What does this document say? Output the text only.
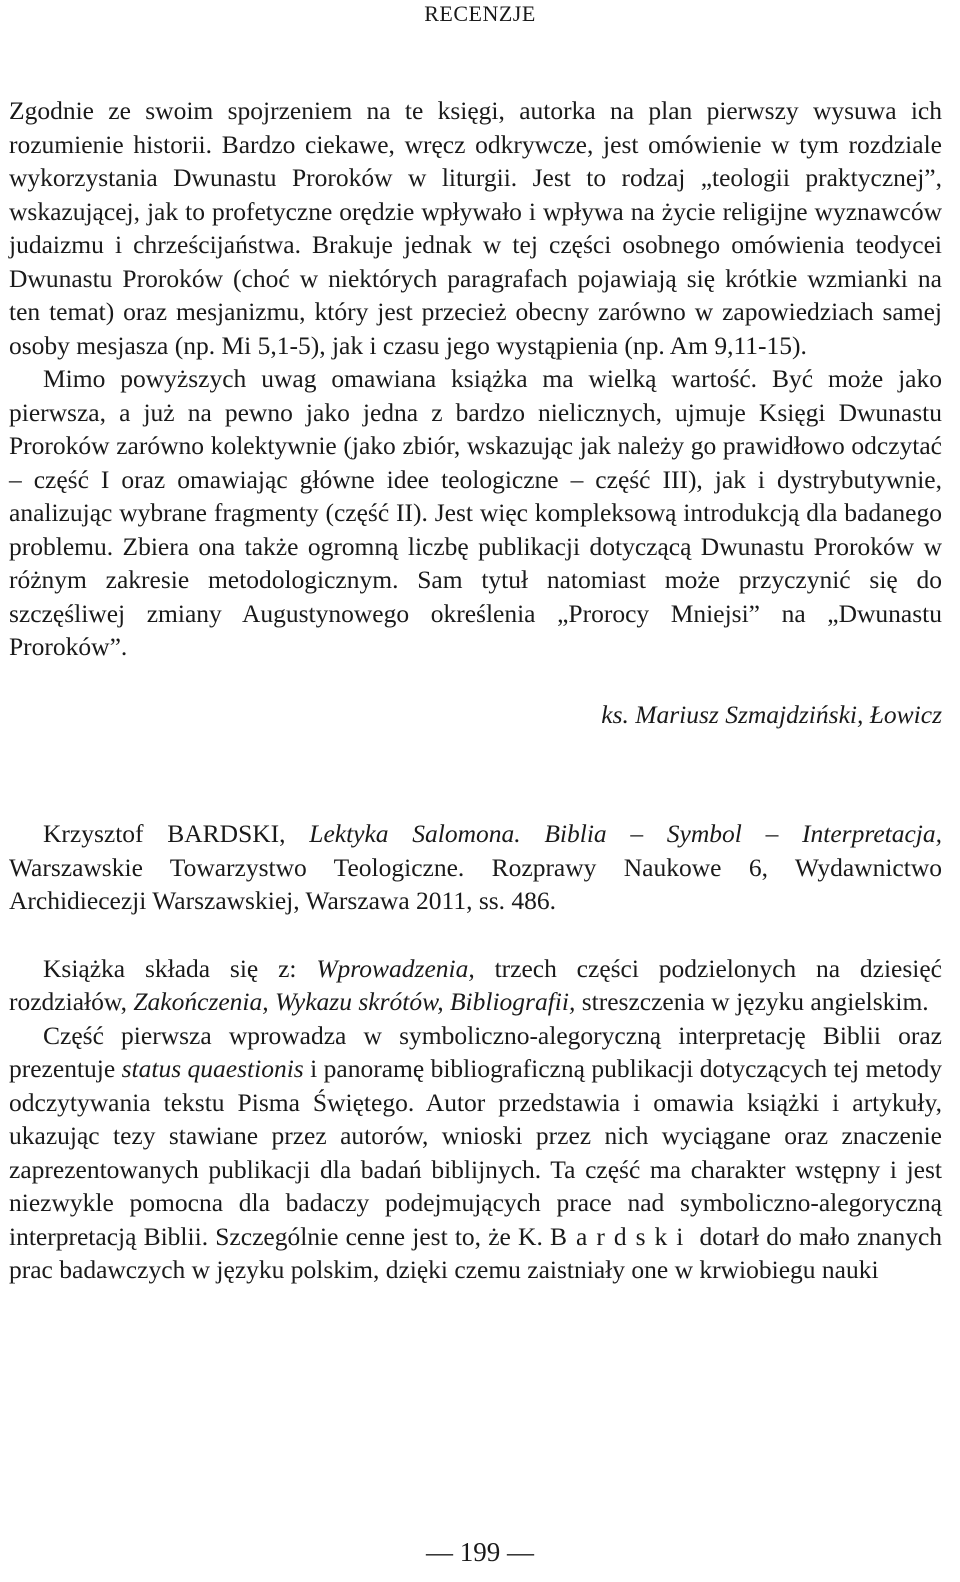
RECENZJE

Zgodnie ze swoim spojrzeniem na te księgi, autorka na plan pierwszy wysuwa ich rozumienie historii. Bardzo ciekawe, wręcz odkrywcze, jest omówienie w tym rozdziale wykorzystania Dwunastu Proroków w liturgii. Jest to rodzaj „teologii praktycznej”, wskazującej, jak to profetyczne orędzie wpływało i wpływa na życie religijne wyznawców judaizmu i chrześcijaństwa. Brakuje jednak w tej części osobnego omówienia teodycei Dwunastu Proroków (choć w niektórych paragrafach pojawiają się krótkie wzmianki na ten temat) oraz mesjanizmu, który jest przecież obecny zarówno w zapowiedziach samej osoby mesjasza (np. Mi 5,1-5), jak i czasu jego wystąpienia (np. Am 9,11-15).

Mimo powyższych uwag omawiana książka ma wielką wartość. Być może jako pierwsza, a już na pewno jako jedna z bardzo nielicznych, ujmuje Księgi Dwunastu Proroków zarówno kolektywnie (jako zbiór, wskazując jak należy go prawidłowo odczytać – część I oraz omawiając główne idee teologiczne – część III), jak i dystrybutywnie, analizując wybrane fragmenty (część II). Jest więc kompleksową introdukcją dla badanego problemu. Zbiera ona także ogromną liczbę publikacji dotyczącą Dwunastu Proroków w różnym zakresie metodologicznym. Sam tytuł natomiast może przyczynić się do szczęśliwej zmiany Augustynowego określenia „Prorocy Mniejsi” na „Dwunastu Proroków”.

ks. Mariusz Szmajdziński, Łowicz

Krzysztof BARDSKI, Lektyka Salomona. Biblia – Symbol – Interpretacja, Warszawskie Towarzystwo Teologiczne. Rozprawy Naukowe 6, Wydawnictwo Archidiecezji Warszawskiej, Warszawa 2011, ss. 486.

Książka składa się z: Wprowadzenia, trzech części podzielonych na dziesięć rozdziałów, Zakończenia, Wykazu skrótów, Bibliografii, streszczenia w języku angielskim.

Część pierwsza wprowadza w symboliczno-alegoryczną interpretację Biblii oraz prezentuje status quaestionis i panoramę bibliograficzną publikacji dotyczących tej metody odczytywania tekstu Pisma Świętego. Autor przedstawia i omawia książki i artykuły, ukazując tezy stawiane przez autorów, wnioski przez nich wyciągane oraz znaczenie zaprezentowanych publikacji dla badań biblijnych. Ta część ma charakter wstępny i jest niezwykle pomocna dla badaczy podejmujących prace nad symboliczno-alegoryczną interpretacją Biblii. Szczególnie cenne jest to, że K. Bardski dotarł do mało znanych prac badawczych w języku polskim, dzięki czemu zaistniały one w krwiobiegu nauki

— 199 —
